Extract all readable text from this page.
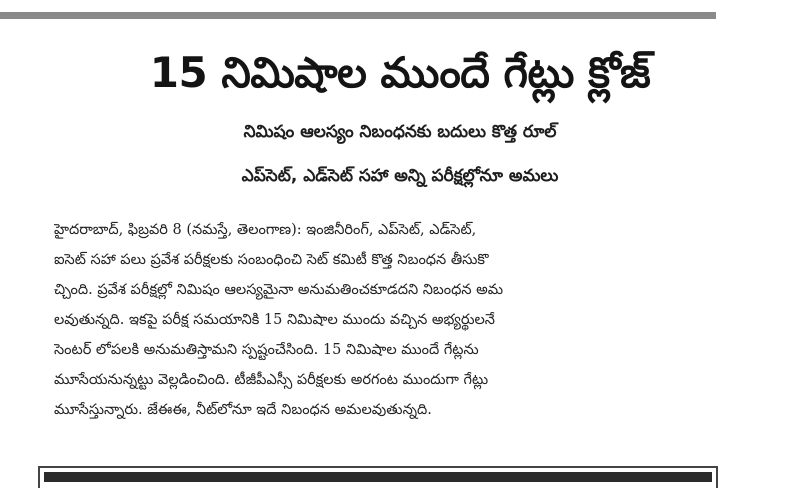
15 నిమిషాల ముందే గేట్లు క్లోజ్
నిమిషం ఆలస్యం నిబంధనకు బదులు కొత్త రూల్
ఎప్‌సెట్, ఎడ్‌సెట్ సహా అన్ని పరీక్షల్లోనూ అమలు
హైదరాబాద్, ఫిబ్రవరి 8 (నమస్తే, తెలంగాణ): ఇంజినీరింగ్, ఎప్‌సెట్, ఎడ్‌సెట్,
ఐసెట్ సహా పలు ప్రవేశ పరీక్షలకు సంబంధించి సెట్ కమిటీ కొత్త నిబంధన తీసుకొ
చ్చింది. ప్రవేశ పరీక్షల్లో నిమిషం ఆలస్యమైనా అనుమతించకూడదని నిబంధన అమ
లవుతున్నది. ఇకపై పరీక్ష సమయానికి 15 నిమిషాల ముందు వచ్చిన అభ్యర్థులనే
సెంటర్ లోపలకి అనుమతిస్తామని స్పష్టంచేసింది. 15 నిమిషాల ముందే గేట్లను
మూసేయనున్నట్టు వెల్లడించింది. టీజీపీఎస్సీ పరీక్షలకు అరగంట ముందుగా గేట్లు
మూసేస్తున్నారు. జేఈఈ, నీట్‌లోనూ ఇదే నిబంధన అమలవుతున్నది.
